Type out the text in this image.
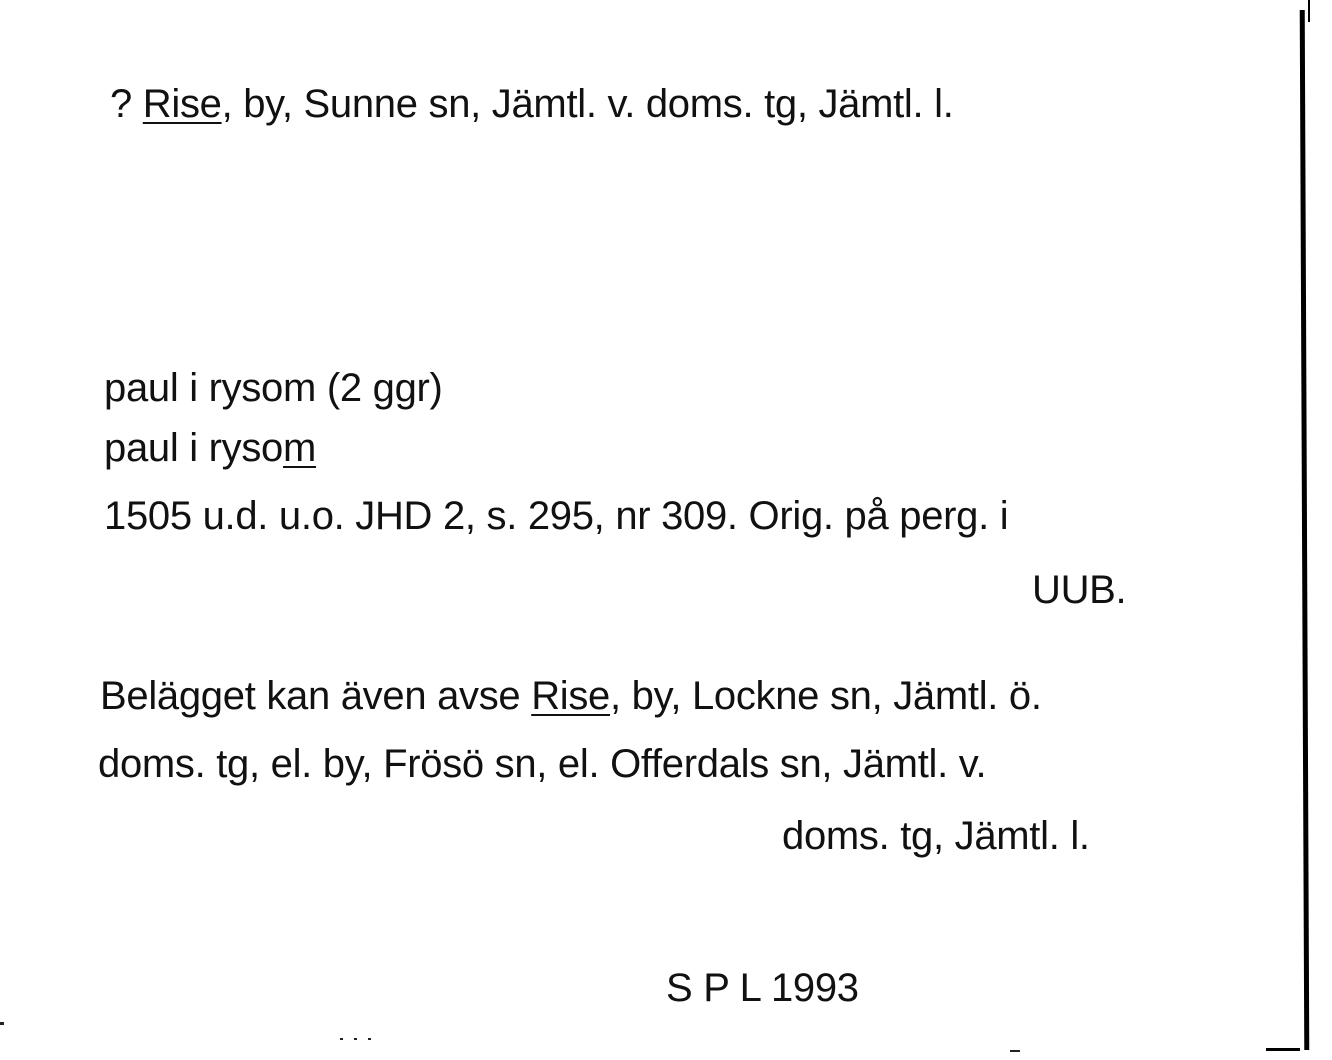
? Rise, by, Sunne sn, Jämtl. v. doms. tg, Jämtl. l.
paul i rysom (2 ggr)
paul i rysom
1505 u.d. u.o. JHD 2, s. 295, nr 309. Orig. på perg. i
UUB.
Belägget kan även avse Rise, by, Lockne sn, Jämtl. ö.
doms. tg, el. by, Frösö sn, el. Offerdals sn, Jämtl. v.
doms. tg, Jämtl. l.
S P L 1993
